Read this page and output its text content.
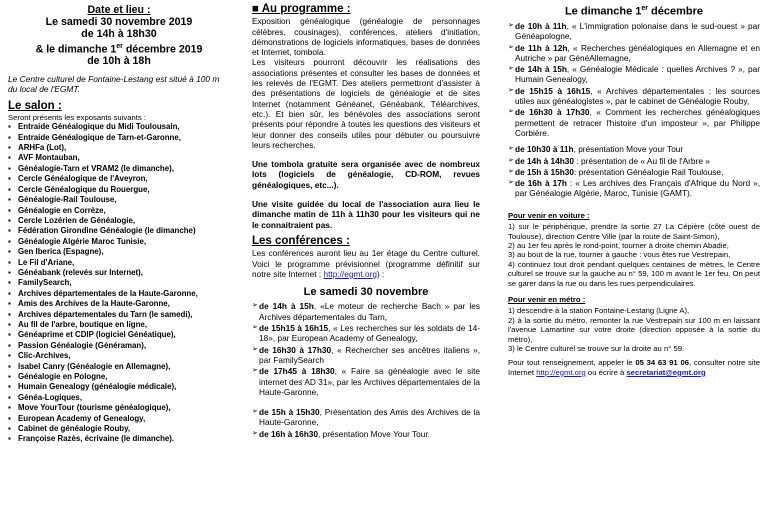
Date et lieu :
Le samedi 30 novembre 2019
de 14h à 18h30
& le dimanche 1er décembre 2019
de 10h à 18h

Le Centre culturel de Fontaine-Lestang est situé à 100 m du local de l'EGMT.

Le salon :
Seront présents les exposants suivants :
▪ Entraide Généalogique du Midi Toulousain,
▪ Entraide Généalogique de Tarn-et-Garonne,
▪ ARHFa (Lot),
▪ AVF Montauban,
▪ Généalogie-Tarn et VRAM2 (le dimanche),
▪ Cercle Généalogique de l'Aveyron,
▪ Cercle Généalogique du Rouergue,
▪ Généalogie-Rail Toulouse,
▪ Généalogie en Corrèze,
▪ Cercle Lozérien de Généalogie,
▪ Fédération Girondine Généalogie (le dimanche)
▪ Généalogie Algérie Maroc Tunisie,
▪ Gen Iberica (Espagne),
▪ Le Fil d'Ariane,
▪ Généabank (relevés sur Internet),
▪ FamilySearch,
▪ Archives départementales de la Haute-Garonne,
▪ Amis des Archives de la Haute-Garonne,
▪ Archives départementales du Tarn (le samedi),
▪ Au fil de l'arbre, boutique en ligne,
▪ Généaprime et CDIP (logiciel Généatique),
▪ Passion Généalogie (Généraman),
▪ Clic-Archives,
▪ Isabel Canry (Généalogie en Allemagne),
▪ Généalogie en Pologne,
▪ Humain Genealogy (généalogie médicale),
▪ Généa-Logiques,
▪ Move YourTour (tourisme généalogique),
▪ European Academy of Genealogy,
▪ Cabinet de généalogie Rouby,
▪ Françoise Razès, écrivaine (le dimanche).
■ Au programme :
Exposition généalogique (généalogie de personnages célèbres, cousinages), conférences, ateliers d'initiation, démonstrations de logiciels informatiques, bases de données et Internet, tombola.
Les visiteurs pourront découvrir les réalisations des associations présentes et consulter les bases de données et les relevés de l'EGMT. Des ateliers permettront d'assister à des présentations de logiciels de généalogie et de sites Internet (notamment Généanet, Généabank, Téléarchives, etc.). Et bien sûr, les bénévoles des associations seront présents pour répondre à toutes les questions des visiteurs et leur donner des conseils utiles pour débuter ou poursuivre leurs recherches.
Une tombola gratuite sera organisée avec de nombreux lots (logiciels de généalogie, CD-ROM, revues généalogiques, etc...).
Une visite guidée du local de l'association aura lieu le dimanche matin de 11h à 11h30 pour les visiteurs qui ne le connaitraient pas.
Les conférences :
Les conférences auront lieu au 1er étage du Centre culturel. Voici le programme prévisionnel (programme définitif sur notre site Internet : http://egmt.org) :
Le samedi 30 novembre
➢ de 14h à 15h, «Le moteur de recherche Bach » par les Archives départementales du Tarn,
➢ de 15h15 à 16h15, « Les recherches sur les soldats de 14-18», par European Academy of Genealogy,
➢ de 16h30 à 17h30, « Rechercher ses ancêtres italiens », par FamilySearch
➢ de 17h45 à 18h30, « Faire sa généalogie avec le site internet des AD 31», par les Archives départementales de la Haute-Garonne,
➢ de 15h à 15h30, Présentation des Amis des Archives de la Haute-Garonne,
➢ de 16h à 16h30, présentation Move Your Tour.
Le dimanche 1er décembre
➢ de 10h à 11h, « L'immigration polonaise dans le sud-ouest » par Généapologne,
➢ de 11h à 12h, « Recherches généalogiques en Allemagne et en Autriche » par GénéAllemagne,
➢ de 14h à 15h, « Généalogie Médicale : quelles Archives ? », par Humain Genealogy,
➢ de 15h15 à 16h15, « Archives départementales : les sources utiles aux généalogistes », par le cabinet de Généalogie Rouby,
➢ de 16h30 à 17h30, « Comment les recherches généalogiques permettent de retracer l'histoire d'un imposteur », par Philippe Corbière.
➢ de 10h30 à 11h, présentation Move your Tour
➢ de 14h à 14h30 : présentation de « Au fil de l'Arbre »
➢ de 15h à 15h30: présentation Généalogie Rail Toulouse,
➢ de 16h à 17h : « Les archives des Français d'Afrique du Nord », par Généalogie Algérie, Maroc, Tunisie (GAMT).
Pour venir en voiture :
1) sur le périphérique, prendre la sortie 27 La Cépière (côté ouest de Toulouse), direction Centre Ville (par la route de Saint-Simon),
2) au 1er feu après le rond-point, tourner à droite chemin Abadie,
3) au bout de la rue, tourner à gauche : vous êtes rue Vestrepain,
4) continuez tout droit pendant quelques centaines de mètres, le Centre culturel se trouve sur la gauche au n° 59, 100 m avant le 1er feu. On peut se garer dans la rue ou dans les rues perpendiculaires.
Pour venir en métro :
1) descendre à la station Fontaine-Lestang (Ligne A),
2) à la sortie du métro, remonter la rue Vestrepain sur 100 m en laissant l'avenue Lamartine sur votre droite (direction opposée à la sortie du métro),
3) le Centre culturel se trouve sur la droite au n° 59.
Pour tout renseignement, appeler le 05 34 63 91 06, consulter notre site Internet http://egmt.org ou écrire à secretariat@egmt.org
